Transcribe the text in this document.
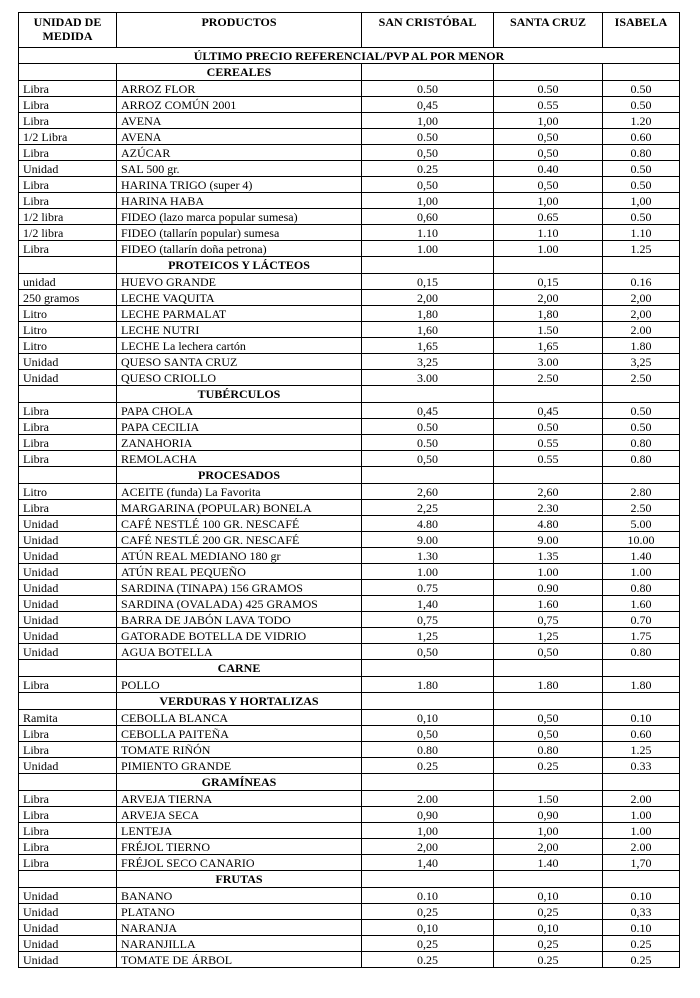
UNIDAD DE MEDIDA	PRODUCTOS	SAN CRISTÓBAL	SANTA CRUZ	ISABELA
ÚLTIMO PRECIO REFERENCIAL/PVP AL POR MENOR				
	CEREALES			
Libra	ARROZ FLOR	0.50	0.50	0.50
Libra	ARROZ COMÚN 2001	0,45	0.55	0.50
Libra	AVENA	1,00	1,00	1.20
1/2 Libra	AVENA	0.50	0,50	0.60
Libra	AZÚCAR	0,50	0,50	0.80
Unidad	SAL 500 gr.	0.25	0.40	0.50
Libra	HARINA TRIGO (super 4)	0,50	0,50	0.50
Libra	HARINA HABA	1,00	1,00	1,00
1/2 libra	FIDEO (lazo marca popular sumesa)	0,60	0.65	0.50
1/2 libra	FIDEO (tallarín popular) sumesa	1.10	1.10	1.10
Libra	FIDEO (tallarín doña petrona)	1.00	1.00	1.25
	PROTEICOS Y LÁCTEOS			
unidad	HUEVO GRANDE	0,15	0,15	0.16
250 gramos	LECHE VAQUITA	2,00	2,00	2,00
Litro	LECHE PARMALAT	1,80	1,80	2,00
Litro	LECHE NUTRI	1,60	1.50	2.00
Litro	LECHE La lechera cartón	1,65	1,65	1.80
Unidad	QUESO SANTA CRUZ	3,25	3.00	3,25
Unidad	QUESO CRIOLLO	3.00	2.50	2.50
	TUBÉRCULOS			
Libra	PAPA CHOLA	0,45	0,45	0.50
Libra	PAPA CECILIA	0.50	0.50	0.50
Libra	ZANAHORIA	0.50	0.55	0.80
Libra	REMOLACHA	0,50	0.55	0.80
	PROCESADOS			
Litro	ACEITE (funda) La Favorita	2,60	2,60	2.80
Libra	MARGARINA (POPULAR) BONELA	2,25	2.30	2.50
Unidad	CAFÉ NESTLÉ 100 GR. NESCAFÉ	4.80	4.80	5.00
Unidad	CAFÉ NESTLÉ 200 GR. NESCAFÉ	9.00	9.00	10.00
Unidad	ATÚN REAL MEDIANO 180 gr	1.30	1.35	1.40
Unidad	ATÚN REAL PEQUEÑO	1.00	1.00	1.00
Unidad	SARDINA (TINAPA) 156 GRAMOS	0.75	0.90	0.80
Unidad	SARDINA (OVALADA) 425 GRAMOS	1,40	1.60	1.60
Unidad	BARRA DE JABÓN LAVA TODO	0,75	0,75	0.70
Unidad	GATORADE BOTELLA DE VIDRIO	1,25	1,25	1.75
Unidad	AGUA BOTELLA	0,50	0,50	0.80
	CARNE			
Libra	POLLO	1.80	1.80	1.80
	VERDURAS Y HORTALIZAS			
Ramita	CEBOLLA BLANCA	0,10	0,50	0.10
Libra	CEBOLLA PAITEÑA	0,50	0,50	0.60
Libra	TOMATE RIÑÓN	0.80	0.80	1.25
Unidad	PIMIENTO GRANDE	0.25	0.25	0.33
	GRAMÍNEAS			
Libra	ARVEJA TIERNA	2.00	1.50	2.00
Libra	ARVEJA SECA	0,90	0,90	1.00
Libra	LENTEJA	1,00	1,00	1.00
Libra	FRÉJOL TIERNO	2,00	2,00	2.00
Libra	FRÉJOL SECO CANARIO	1,40	1.40	1,70
	FRUTAS			
Unidad	BANANO	0.10	0,10	0.10
Unidad	PLATANO	0,25	0,25	0,33
Unidad	NARANJA	0,10	0,10	0.10
Unidad	NARANJILLA	0,25	0,25	0.25
Unidad	TOMATE DE ÁRBOL	0.25	0.25	0.25
